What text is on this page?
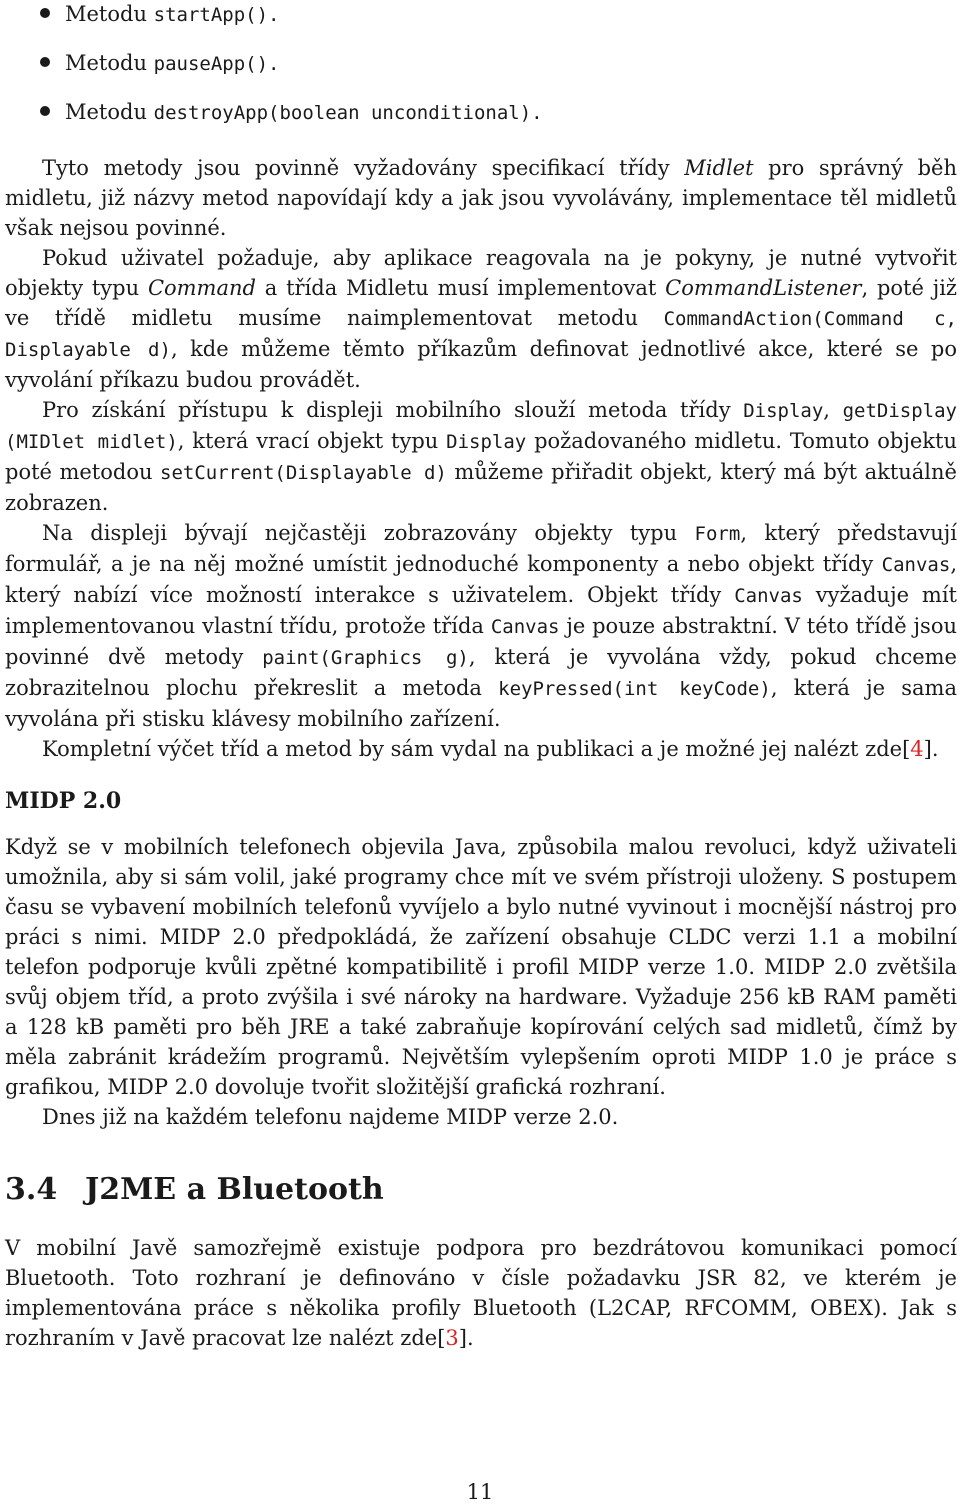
Metodu startApp().
Metodu pauseApp().
Metodu destroyApp(boolean unconditional).

Tyto metody jsou povinně vyžadovány specifikací třídy Midlet pro správný běh midletu, již názvy metod napovídají kdy a jak jsou vyvolávány, implementace těl midletů však nejsou povinné.

Pokud uživatel požaduje, aby aplikace reagovala na je pokyny, je nutné vytvořit objekty typu Command a třída Midletu musí implementovat CommandListener, poté již ve třídě midletu musíme naimplementovat metodu CommandAction(Command c, Displayable d), kde můžeme těmto příkazům definovat jednotlivé akce, které se po vyvolání příkazu budou provádět.

Pro získání přístupu k displeji mobilního slouží metoda třídy Display, getDisplay (MIDlet midlet), která vrací objekt typu Display požadovaného midletu. Tomuto objektu poté metodou setCurrent(Displayable d) můžeme přiřadit objekt, který má být aktuálně zobrazen.

Na displeji bývají nejčastěji zobrazovány objekty typu Form, který představují formulář, a je na něj možné umístit jednoduché komponenty a nebo objekt třídy Canvas, který nabízí více možností interakce s uživatelem. Objekt třídy Canvas vyžaduje mít implementovanou vlastní třídu, protože třída Canvas je pouze abstraktní. V této třídě jsou povinné dvě metody paint(Graphics g), která je vyvolána vždy, pokud chceme zobrazitelnou plochu překreslit a metoda keyPressed(int keyCode), která je sama vyvolána při stisku klávesy mobilního zařízení.

Kompletní výčet tříd a metod by sám vydal na publikaci a je možné jej nalézt zde[4].

MIDP 2.0

Když se v mobilních telefonech objevila Java, způsobila malou revoluci, když uživateli umožnila, aby si sám volil, jaké programy chce mít ve svém přístroji uloženy. S postupem času se vybavení mobilních telefonů vyvíjelo a bylo nutné vyvinout i mocnější nástroj pro práci s nimi. MIDP 2.0 předpokládá, že zařízení obsahuje CLDC verzi 1.1 a mobilní telefon podporuje kvůli zpětné kompatibilitě i profil MIDP verze 1.0. MIDP 2.0 zvětšila svůj objem tříd, a proto zvýšila i své nároky na hardware. Vyžaduje 256 kB RAM paměti a 128 kB paměti pro běh JRE a také zabraňuje kopírování celých sad midletů, čímž by měla zabránit krádežím programů. Největším vylepšením oproti MIDP 1.0 je práce s grafikou, MIDP 2.0 dovoluje tvořit složitější grafická rozhraní.

Dnes již na každém telefonu najdeme MIDP verze 2.0.

3.4 J2ME a Bluetooth

V mobilní Javě samozřejmě existuje podpora pro bezdrátovou komunikaci pomocí Bluetooth. Toto rozhraní je definováno v čísle požadavku JSR 82, ve kterém je implementována práce s několika profily Bluetooth (L2CAP, RFCOMM, OBEX). Jak s rozhraním v Javě pracovat lze nalézt zde[3].

11
